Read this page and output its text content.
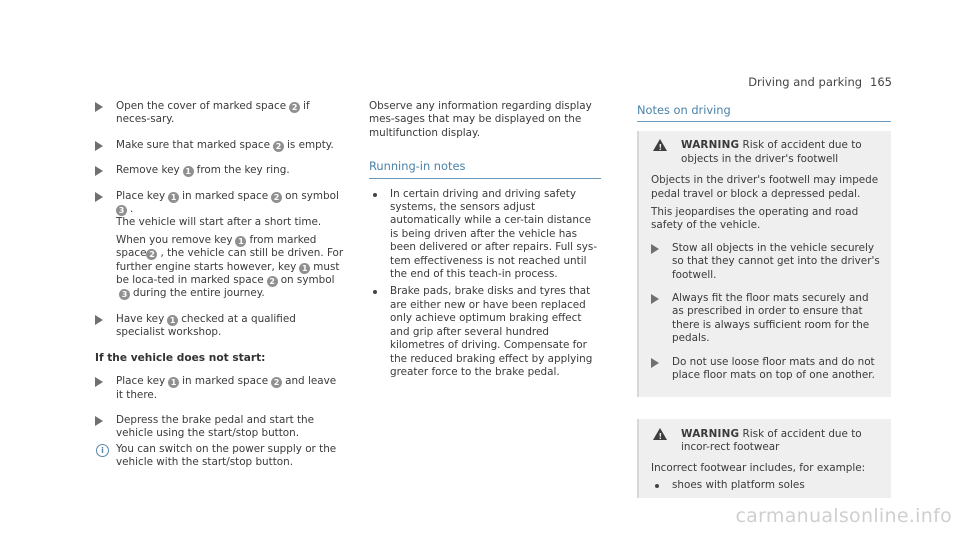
Driving and parking 165
Open the cover of marked space 2 if neces-sary.
Make sure that marked space 2 is empty.
Remove key 1 from the key ring.
Place key 1 in marked space 2 on symbol
3 .
The vehicle will start after a short time.

When you remove key 1 from marked space 2 , the vehicle can still be driven. For further engine starts however, key 1 must be loca-ted in marked space 2 on symbol3 during the entire journey.
Have key 1 checked at a qualified specialist workshop.
If the vehicle does not start:
Place key 1 in marked space 2 and leave it there.
Depress the brake pedal and start the vehicle using the start/stop button.
i	You can switch on the power supply or the vehicle with the start/stop button.
Observe any information regarding display mes-sages that may be displayed on the multifunction display.
Running-in notes
In certain driving and driving safety systems, the sensors adjust automatically while a cer-tain distance is being driven after the vehicle has been delivered or after repairs. Full sys-tem effectiveness is not reached until the end of this teach-in process.
Brake pads, brake disks and tyres that are either new or have been replaced only achieve optimum braking effect and grip after several hundred kilometres of driving. Compensate for the reduced braking effect by applying greater force to the brake pedal.
Notes on driving
!
WARNING Risk of accident due to objects in the driver's footwell

Objects in the driver's footwell may impede pedal travel or block a depressed pedal.

This jeopardises the operating and road safety of the vehicle.

Stow all objects in the vehicle securely so that they cannot get into the driver's footwell.
Always fit the floor mats securely and as prescribed in order to ensure that there is always sufficient room for the pedals.
Do not use loose floor mats and do not place floor mats on top of one another.
!
WARNING Risk of accident due to incor-rect footwear

Incorrect footwear includes, for example:

shoes with platform soles
carmanualsonline.info
